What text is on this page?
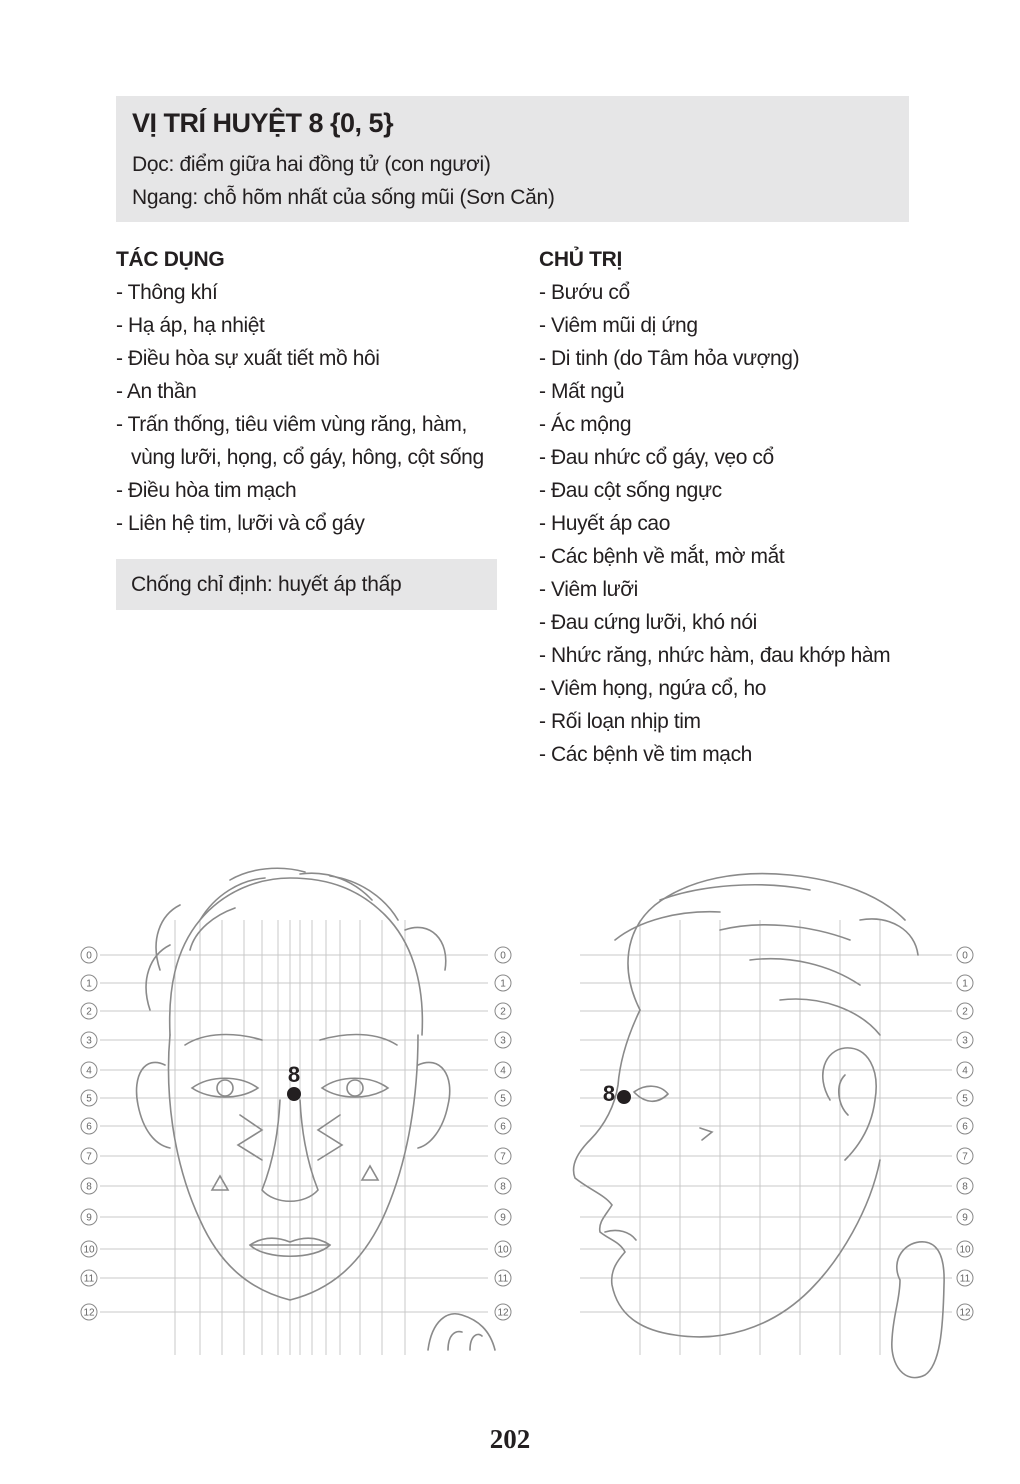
VỊ TRÍ HUYỆT 8 {0, 5}
Dọc: điểm giữa hai đồng tử (con ngươi)
Ngang: chỗ hõm nhất của sống mũi (Sơn Căn)
TÁC DỤNG
- Thông khí
- Hạ áp, hạ nhiệt
- Điều hòa sự xuất tiết mồ hôi
- An thần
- Trấn thống, tiêu viêm vùng răng, hàm,
vùng lưỡi, họng, cổ gáy, hông, cột sống
- Điều hòa tim mạch
- Liên hệ tim, lưỡi và cổ gáy
Chống chỉ định: huyết áp thấp
CHỦ TRỊ
- Bướu cổ
- Viêm mũi dị ứng
- Di tinh (do Tâm hỏa vượng)
- Mất ngủ
- Ác mộng
- Đau nhức cổ gáy, vẹo cổ
- Đau cột sống ngực
- Huyết áp cao
- Các bệnh về mắt, mờ mắt
- Viêm lưỡi
- Đau cứng lưỡi, khó nói
- Nhức răng, nhức hàm, đau khớp hàm
- Viêm họng, ngứa cổ, ho
- Rối loạn nhịp tim
- Các bệnh về tim mạch
0	0	0
1	1	1
2	2	2
3	3	3
4	4	4
5	5	5
6	6	6
7	7	7
8	8	8
9	9	9
10	10	10
11	11	11
12	12	12
8
8
202
